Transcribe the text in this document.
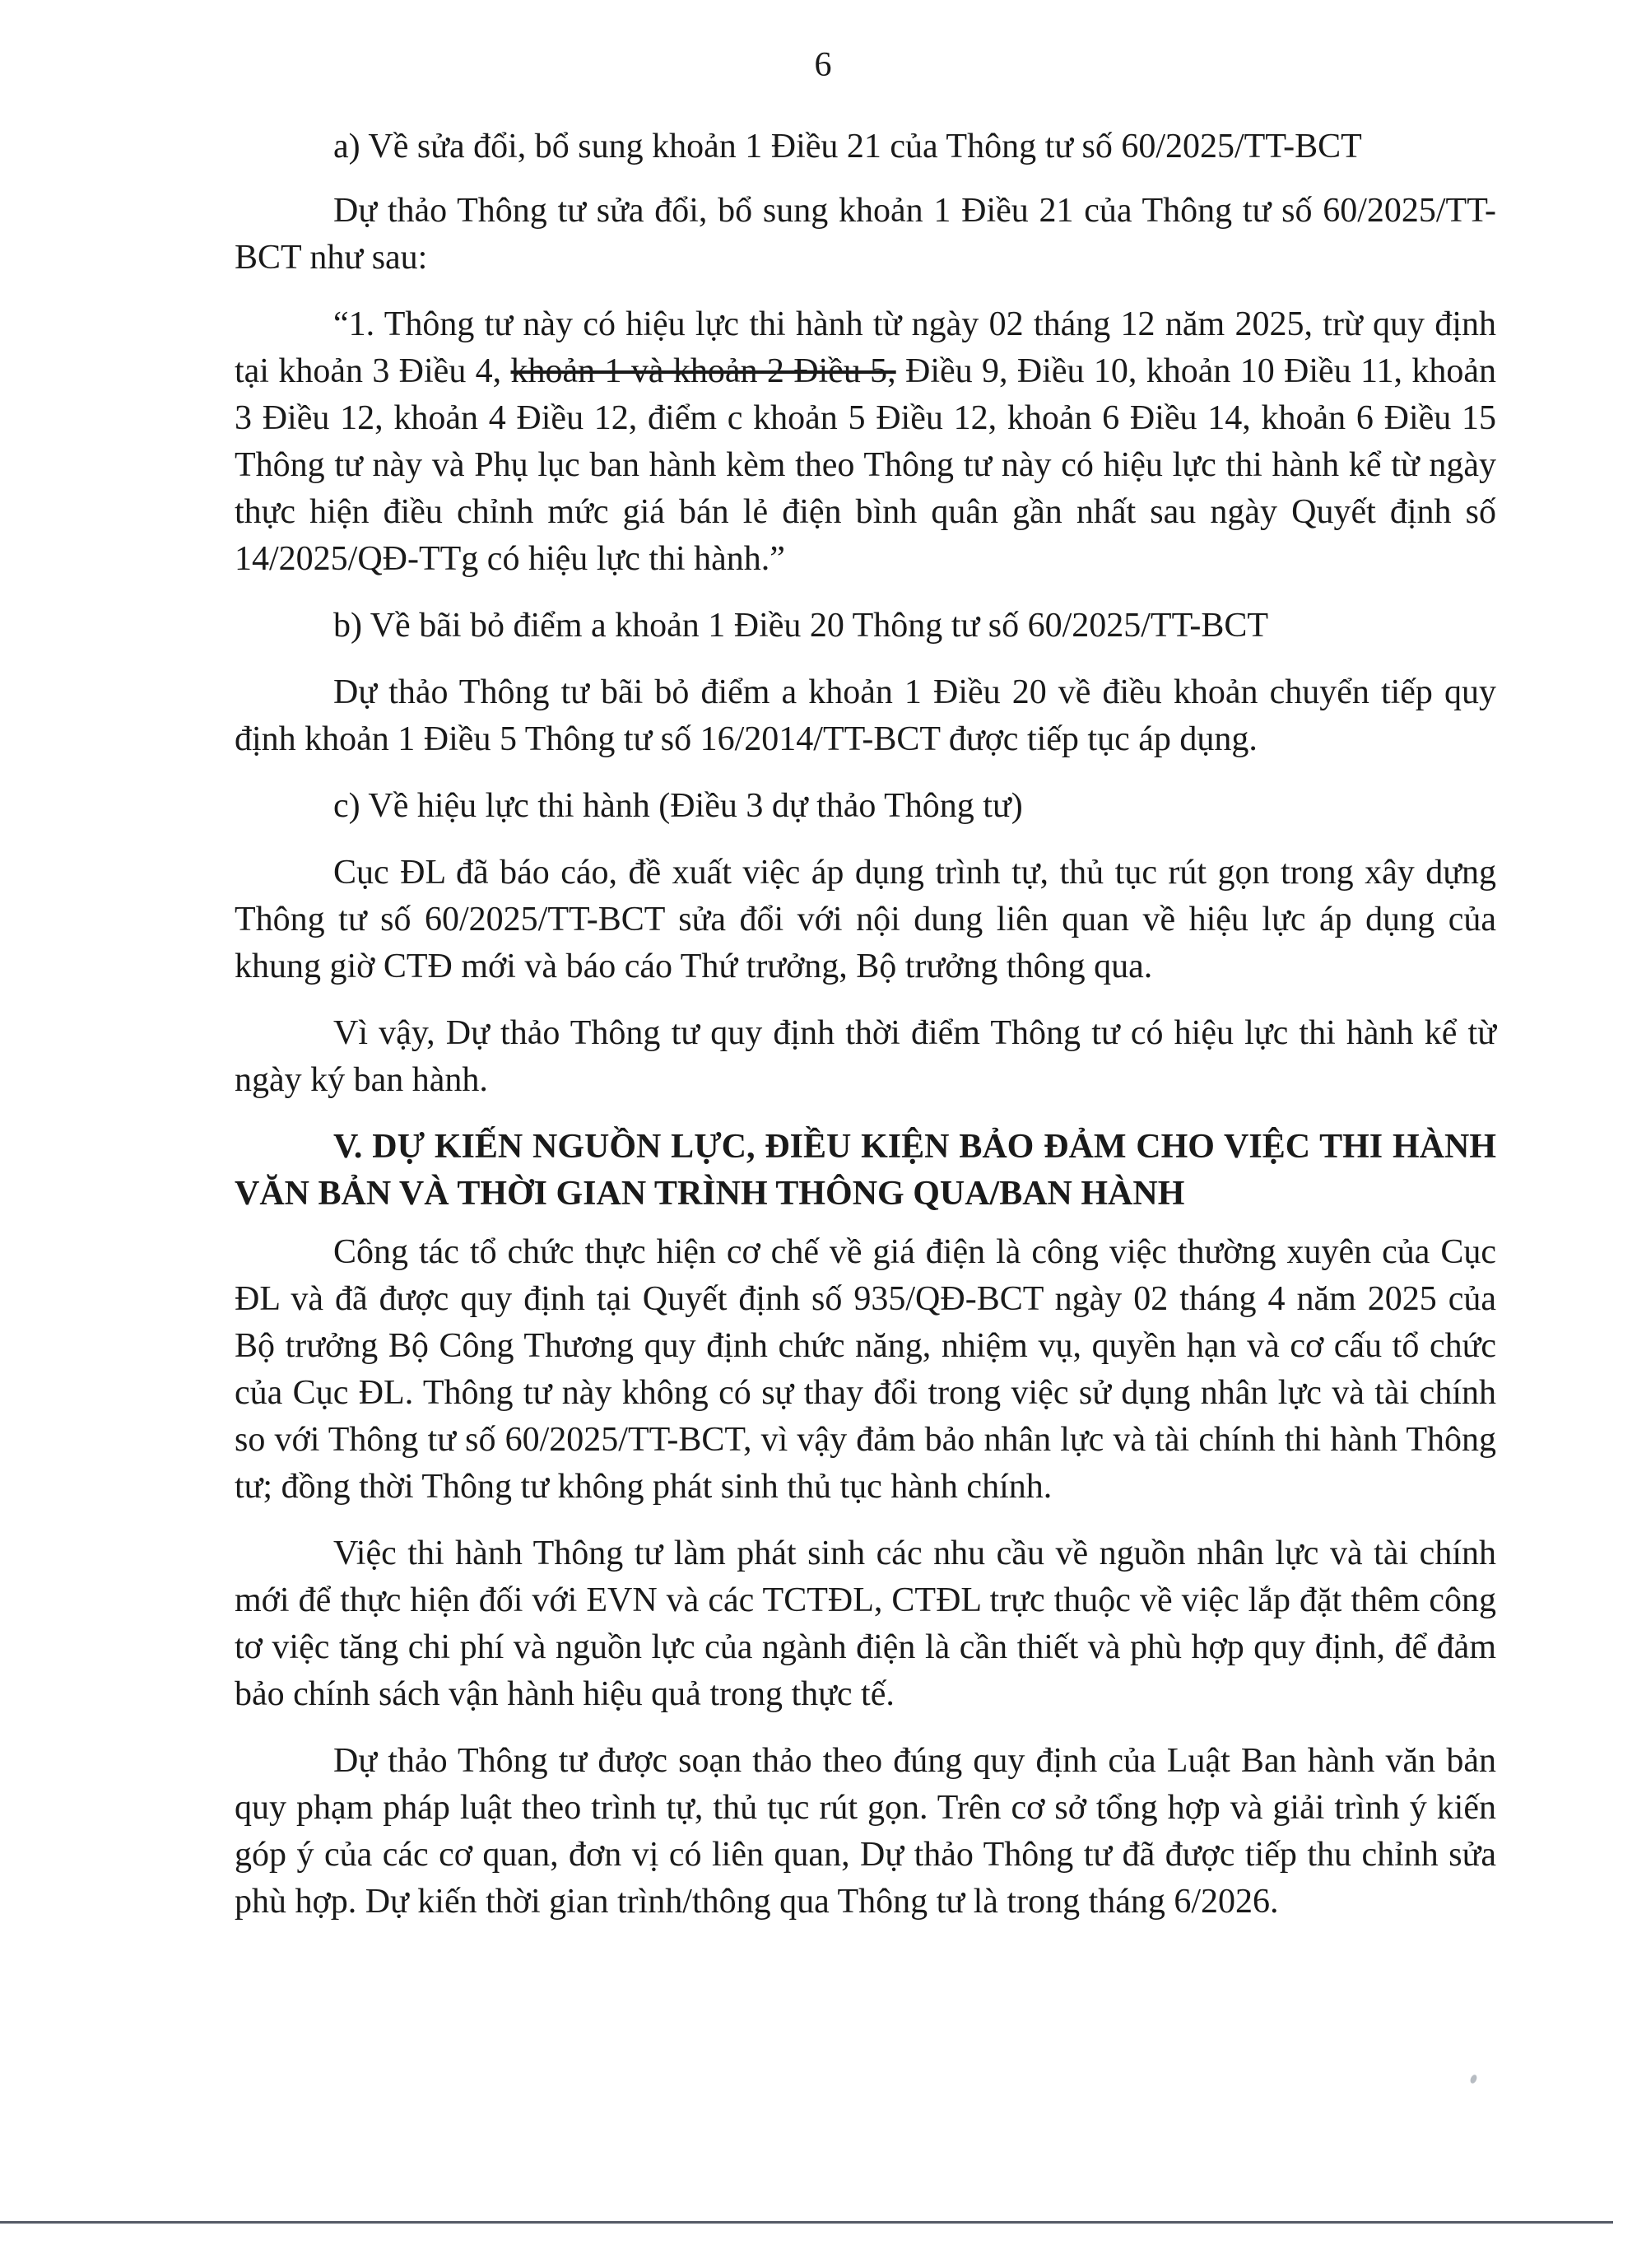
6

a) Về sửa đổi, bổ sung khoản 1 Điều 21 của Thông tư số 60/2025/TT-BCT

Dự thảo Thông tư sửa đổi, bổ sung khoản 1 Điều 21 của Thông tư số 60/2025/TT-BCT như sau:

“1. Thông tư này có hiệu lực thi hành từ ngày 02 tháng 12 năm 2025, trừ quy định tại khoản 3 Điều 4, khoản 1 và khoản 2 Điều 5, Điều 9, Điều 10, khoản 10 Điều 11, khoản 3 Điều 12, khoản 4 Điều 12, điểm c khoản 5 Điều 12, khoản 6 Điều 14, khoản 6 Điều 15 Thông tư này và Phụ lục ban hành kèm theo Thông tư này có hiệu lực thi hành kể từ ngày thực hiện điều chỉnh mức giá bán lẻ điện bình quân gần nhất sau ngày Quyết định số 14/2025/QĐ-TTg có hiệu lực thi hành.”

b) Về bãi bỏ điểm a khoản 1 Điều 20 Thông tư số 60/2025/TT-BCT

Dự thảo Thông tư bãi bỏ điểm a khoản 1 Điều 20 về điều khoản chuyển tiếp quy định khoản 1 Điều 5 Thông tư số 16/2014/TT-BCT được tiếp tục áp dụng.

c) Về hiệu lực thi hành (Điều 3 dự thảo Thông tư)

Cục ĐL đã báo cáo, đề xuất việc áp dụng trình tự, thủ tục rút gọn trong xây dựng Thông tư số 60/2025/TT-BCT sửa đổi với nội dung liên quan về hiệu lực áp dụng của khung giờ CTĐ mới và báo cáo Thứ trưởng, Bộ trưởng thông qua.

Vì vậy, Dự thảo Thông tư quy định thời điểm Thông tư có hiệu lực thi hành kể từ ngày ký ban hành.

V. DỰ KIẾN NGUỒN LỰC, ĐIỀU KIỆN BẢO ĐẢM CHO VIỆC THI HÀNH VĂN BẢN VÀ THỜI GIAN TRÌNH THÔNG QUA/BAN HÀNH

Công tác tổ chức thực hiện cơ chế về giá điện là công việc thường xuyên của Cục ĐL và đã được quy định tại Quyết định số 935/QĐ-BCT ngày 02 tháng 4 năm 2025 của Bộ trưởng Bộ Công Thương quy định chức năng, nhiệm vụ, quyền hạn và cơ cấu tổ chức của Cục ĐL. Thông tư này không có sự thay đổi trong việc sử dụng nhân lực và tài chính so với Thông tư số 60/2025/TT-BCT, vì vậy đảm bảo nhân lực và tài chính thi hành Thông tư; đồng thời Thông tư không phát sinh thủ tục hành chính.

Việc thi hành Thông tư làm phát sinh các nhu cầu về nguồn nhân lực và tài chính mới để thực hiện đối với EVN và các TCTĐL, CTĐL trực thuộc về việc lắp đặt thêm công tơ việc tăng chi phí và nguồn lực của ngành điện là cần thiết và phù hợp quy định, để đảm bảo chính sách vận hành hiệu quả trong thực tế.

Dự thảo Thông tư được soạn thảo theo đúng quy định của Luật Ban hành văn bản quy phạm pháp luật theo trình tự, thủ tục rút gọn. Trên cơ sở tổng hợp và giải trình ý kiến góp ý của các cơ quan, đơn vị có liên quan, Dự thảo Thông tư đã được tiếp thu chỉnh sửa phù hợp. Dự kiến thời gian trình/thông qua Thông tư là trong tháng 6/2026.
